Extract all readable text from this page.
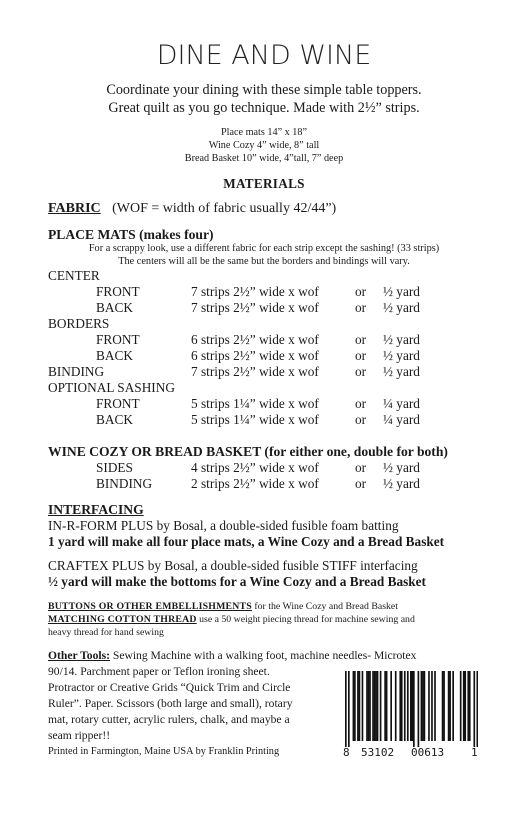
DINE AND WINE
Coordinate your dining with these simple table toppers.
Great quilt as you go technique. Made with 2½” strips.
Place mats 14” x 18”
Wine Cozy 4” wide, 8” tall
Bread Basket 10” wide, 4”tall, 7” deep
MATERIALS
FABRIC (WOF = width of fabric usually 42/44”)
PLACE MATS (makes four)
For a scrappy look, use a different fabric for each strip except the sashing! (33 strips)
The centers will all be the same but the borders and bindings will vary.
CENTER
FRONT	7 strips 2½” wide x wof	or ½ yard
BACK	7 strips 2½” wide x wof	or ½ yard
BORDERS
FRONT	6 strips 2½” wide x wof	or ½ yard
BACK	6 strips 2½” wide x wof	or ½ yard
BINDING	7 strips 2½” wide x wof	or ½ yard
OPTIONAL SASHING
FRONT	5 strips 1¼” wide x wof	or ¼ yard
BACK	5 strips 1¼” wide x wof	or ¼ yard
WINE COZY OR BREAD BASKET (for either one, double for both)
SIDES	4 strips 2½” wide x wof	or ½ yard
BINDING	2 strips 2½” wide x wof	or ½ yard
INTERFACING
IN-R-FORM PLUS by Bosal, a double-sided fusible foam batting
1 yard will make all four place mats, a Wine Cozy and a Bread Basket
CRAFTEX PLUS by Bosal, a double-sided fusible STIFF interfacing
½ yard will make the bottoms for a Wine Cozy and a Bread Basket
BUTTONS OR OTHER EMBELLISHMENTS for the Wine Cozy and Bread Basket
MATCHING COTTON THREAD use a 50 weight piecing thread for machine sewing and
heavy thread for hand sewing
Other Tools: Sewing Machine with a walking foot, machine needles- Microtex
90/14. Parchment paper or Teflon ironing sheet.
Protractor or Creative Grids “Quick Trim and Circle
Ruler”. Paper. Scissors (both large and small), rotary
mat, rotary cutter, acrylic rulers, chalk, and maybe a
seam ripper!!
Printed in Farmington, Maine USA by Franklin Printing	8 53102 00613 1
